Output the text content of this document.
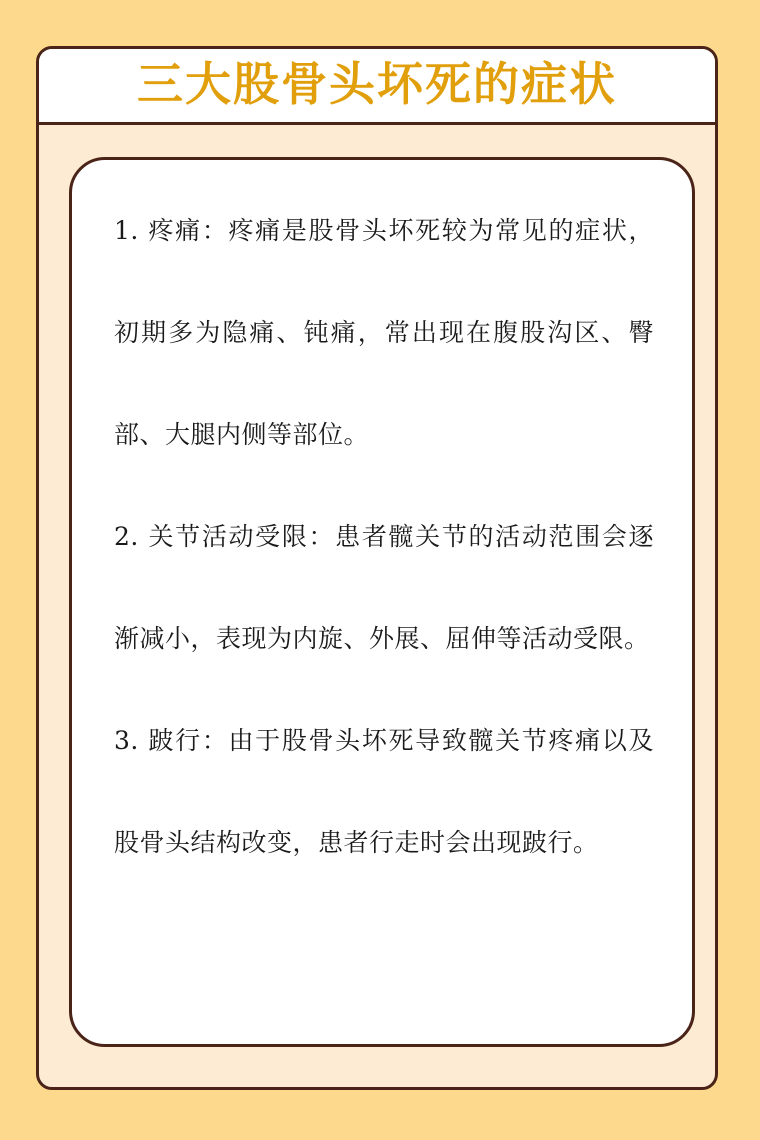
三大股骨头坏死的症状

1. 疼痛：疼痛是股骨头坏死较为常见的症状，初期多为隐痛、钝痛，常出现在腹股沟区、臀部、大腿内侧等部位。

2. 关节活动受限：患者髋关节的活动范围会逐渐减小，表现为内旋、外展、屈伸等活动受限。

3. 跛行：由于股骨头坏死导致髋关节疼痛以及股骨头结构改变，患者行走时会出现跛行。
